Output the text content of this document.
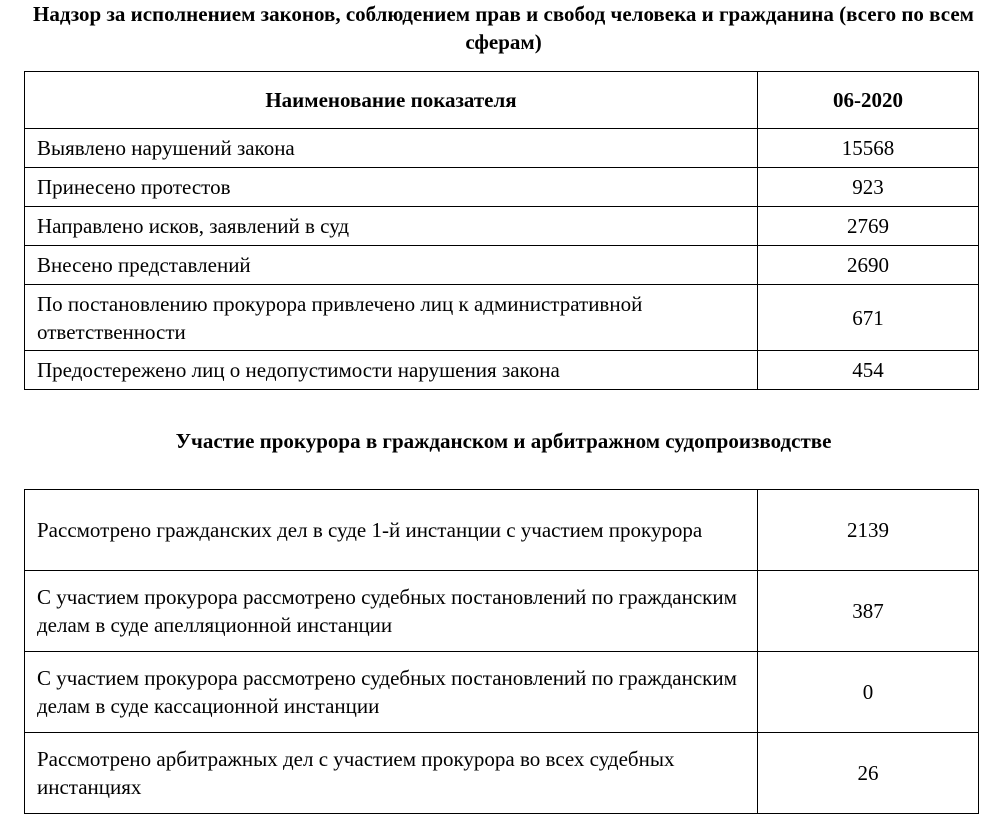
Надзор за исполнением законов, соблюдением прав и свобод человека и гражданина (всего по всем сферам)
Наименование показателя	06-2020
Выявлено нарушений закона	15568
Принесено протестов	923
Направлено исков, заявлений в суд	2769
Внесено представлений	2690
По постановлению прокурора привлечено лиц к административной ответственности	671
Предостережено лиц о недопустимости нарушения закона	454
Участие прокурора в гражданском и арбитражном судопроизводстве
Рассмотрено гражданских дел в суде 1-й инстанции с участием прокурора	2139
С участием прокурора рассмотрено судебных постановлений по гражданским делам в суде апелляционной инстанции	387
С участием прокурора рассмотрено судебных постановлений по гражданским делам в суде кассационной инстанции	0
Рассмотрено арбитражных дел с участием прокурора во всех судебных инстанциях	26
